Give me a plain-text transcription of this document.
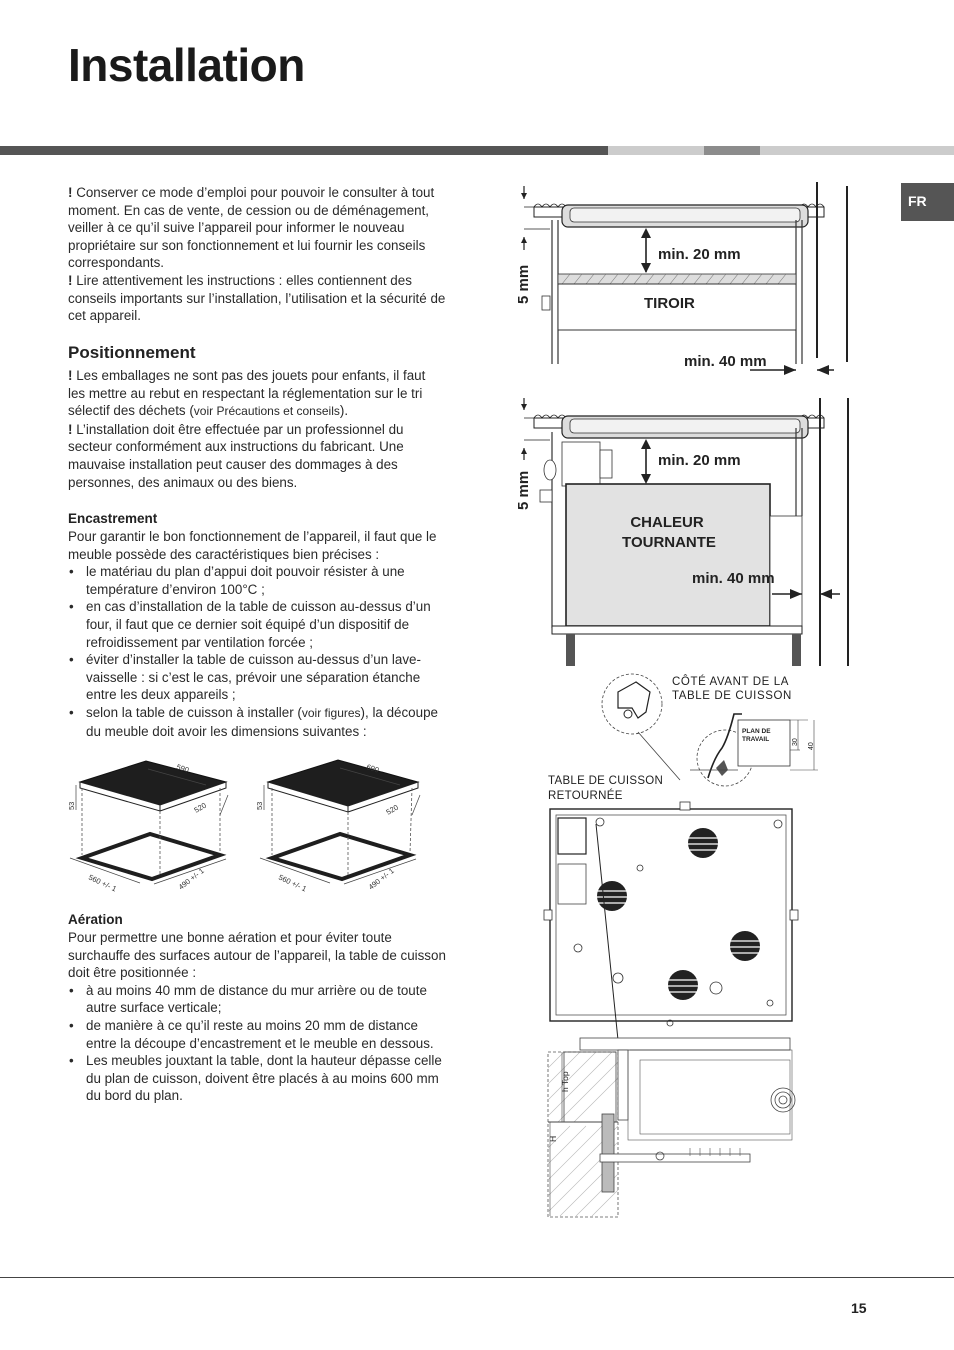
Installation
FR

! Conserver ce mode d’emploi pour pouvoir le consulter à tout moment. En cas de vente, de cession ou de déménagement, veiller à ce qu’il suive l’appareil pour informer le nouveau propriétaire sur son fonctionnement et lui fournir les conseils correspondants.

! Lire attentivement les instructions : elles contiennent des conseils importants sur l’installation, l’utilisation et la sécurité de cet appareil.

Positionnement

! Les emballages ne sont pas des jouets pour enfants, il faut les mettre au rebut en respectant la réglementation sur le tri sélectif des déchets (voir Précautions et conseils).

! L’installation doit être effectuée par un professionnel du secteur conformément aux instructions du fabricant. Une mauvaise installation peut causer des dommages à des personnes, des animaux ou des biens.

Encastrement

Pour garantir le bon fonctionnement de l’appareil, il faut que le meuble possède des caractéristiques bien précises :

• le matériau du plan d’appui doit pouvoir résister à une température d’environ 100°C ;
• en cas d’installation de la table de cuisson au-dessus d’un four, il faut que ce dernier soit équipé d’un dispositif de refroidissement par ventilation forcée ;
• éviter d’installer la table de cuisson au-dessus d’un lave-vaisselle : si c’est le cas, prévoir une séparation étanche entre les deux appareils ;
• selon la table de cuisson à installer (voir figures), la découpe du meuble doit avoir les dimensions suivantes :
590
520
53
560 +/- 1	490 +/- 1
690
520
53
560 +/- 1	490 +/- 1
Aération

Pour permettre une bonne aération et pour éviter toute surchauffe des surfaces autour de l’appareil, la table de cuisson doit être positionnée :

• à au moins 40 mm de distance du mur arrière ou de toute autre surface verticale;
• de manière à ce qu’il reste au moins 20 mm de distance entre la découpe d’encastrement et le meuble en dessous.
• Les meubles jouxtant la table, dont la hauteur dépasse celle du plan de cuisson, doivent être placés à au moins 600 mm du bord du plan.
5 mm
min. 20 mm
TIROIR
min. 40 mm
5 mm
min. 20 mm
CHALEUR
TOURNANTE
min. 40 mm
CÔTÉ AVANT DE LA
TABLE DE CUISSON
PLAN DE
TRAVAIL	30
40
TABLE DE CUISSON
RETOURNÉE
h Top
H
15
